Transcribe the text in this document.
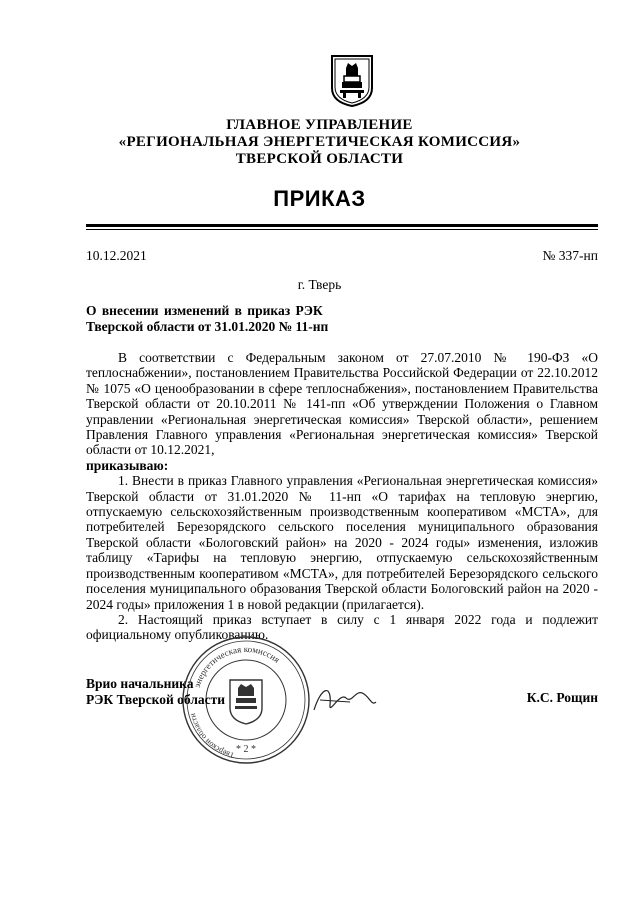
ГЛАВНОЕ УПРАВЛЕНИЕ
«РЕГИОНАЛЬНАЯ ЭНЕРГЕТИЧЕСКАЯ КОМИССИЯ»
ТВЕРСКОЙ ОБЛАСТИ
ПРИКАЗ
10.12.2021	№ 337-нп
г. Тверь
О внесении изменений в приказ РЭК
Тверской области от 31.01.2020 № 11-нп

В соответствии с Федеральным законом от 27.07.2010 № 190-ФЗ «О теплоснабжении», постановлением Правительства Российской Федерации от 22.10.2012 № 1075 «О ценообразовании в сфере теплоснабжения», постановлением Правительства Тверской области от 20.10.2011 № 141-пп «Об утверждении Положения о Главном управлении «Региональная энергетическая комиссия» Тверской области», решением Правления Главного управления «Региональная энергетическая комиссия» Тверской области от 10.12.2021,

приказываю:

1. Внести в приказ Главного управления «Региональная энергетическая комиссия» Тверской области от 31.01.2020 № 11-нп «О тарифах на тепловую энергию, отпускаемую сельскохозяйственным производственным кооперативом «МСТА», для потребителей Березорядского сельского поселения муниципального образования Тверской области «Бологовский район» на 2020 - 2024 годы» изменения, изложив таблицу «Тарифы на тепловую энергию, отпускаемую сельскохозяйственным производственным кооперативом «МСТА», для потребителей Березорядского сельского поселения муниципального образования Тверской области Бологовский район на 2020 - 2024 годы» приложения 1 в новой редакции (прилагается).

2. Настоящий приказ вступает в силу с 1 января 2022 года и подлежит официальному опубликованию.

энергетическая комиссия
Тверской области
* 2 *
Врио начальника
РЭК Тверской области	К.С. Рощин
